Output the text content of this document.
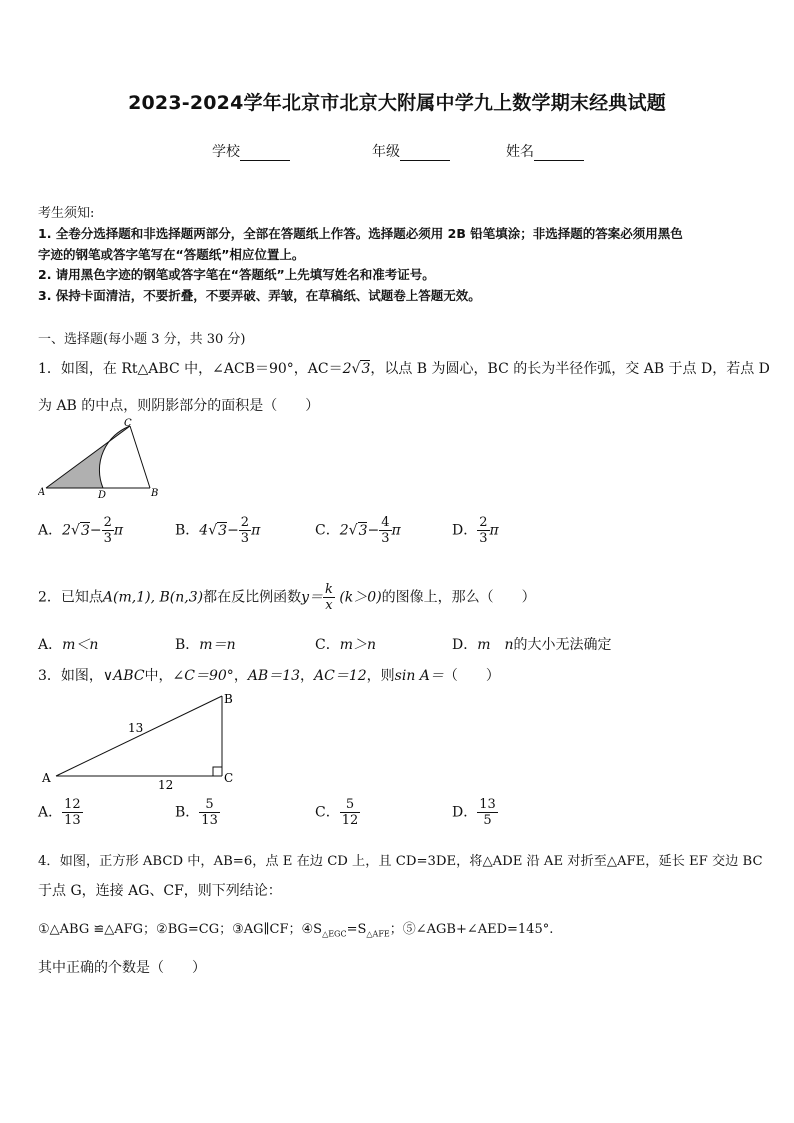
2023-2024学年北京市北京大附属中学九上数学期末经典试题
学校	年级	姓名
考生须知:
1. 全卷分选择题和非选择题两部分，全部在答题纸上作答。选择题必须用 2B 铅笔填涂；非选择题的答案必须用黑色
字迹的钢笔或答字笔写在“答题纸”相应位置上。
2. 请用黑色字迹的钢笔或答字笔在“答题纸”上先填写姓名和准考证号。
3. 保持卡面清洁，不要折叠，不要弄破、弄皱，在草稿纸、试题卷上答题无效。
一、选择题(每小题 3 分，共 30 分)
1．如图，在 Rt△ABC 中，∠ACB＝90°，AC＝2√3，以点 B 为圆心，BC 的长为半径作弧，交 AB 于点 D，若点 D
为 AB 的中点，则阴影部分的面积是（　　）
A	D	B
C
A．$2√3- \frac{2}{3}$ π	B．$4√3- \frac{2}{3}$ π	C．$2√3- \frac{4}{3}$ π	D． $\frac{2}{3}$ π
2．已知点A(m,1), B(n,3)都在反比例函数$y= \frac{k}{x} (k>0)$的图像上，那么（　　）
A．m＜n	B．m＝n	C．m＞n	D．m　n的大小无法确定
3．如图，∨ABC中，∠C＝90°，AB＝13，AC＝12，则sin A＝（　　）
A
B
C
13
12
A． $\frac{12}{13}$	B． $\frac{5}{13}$	C． $\frac{5}{12}$	D． $\frac{13}{5}$
4．如图，正方形 ABCD 中，AB=6，点 E 在边 CD 上，且 CD=3DE，将△ADE 沿 AE 对折至△AFE，延长 EF 交边 BC
于点 G，连接 AG、CF，则下列结论：
①△ABG ≌△AFG；②BG=CG；③AG∥CF；$④S_{\triangle EGC}=S_{\triangle AFE}$；⑤∠AGB+∠AED=145°.
其中正确的个数是（　　）
